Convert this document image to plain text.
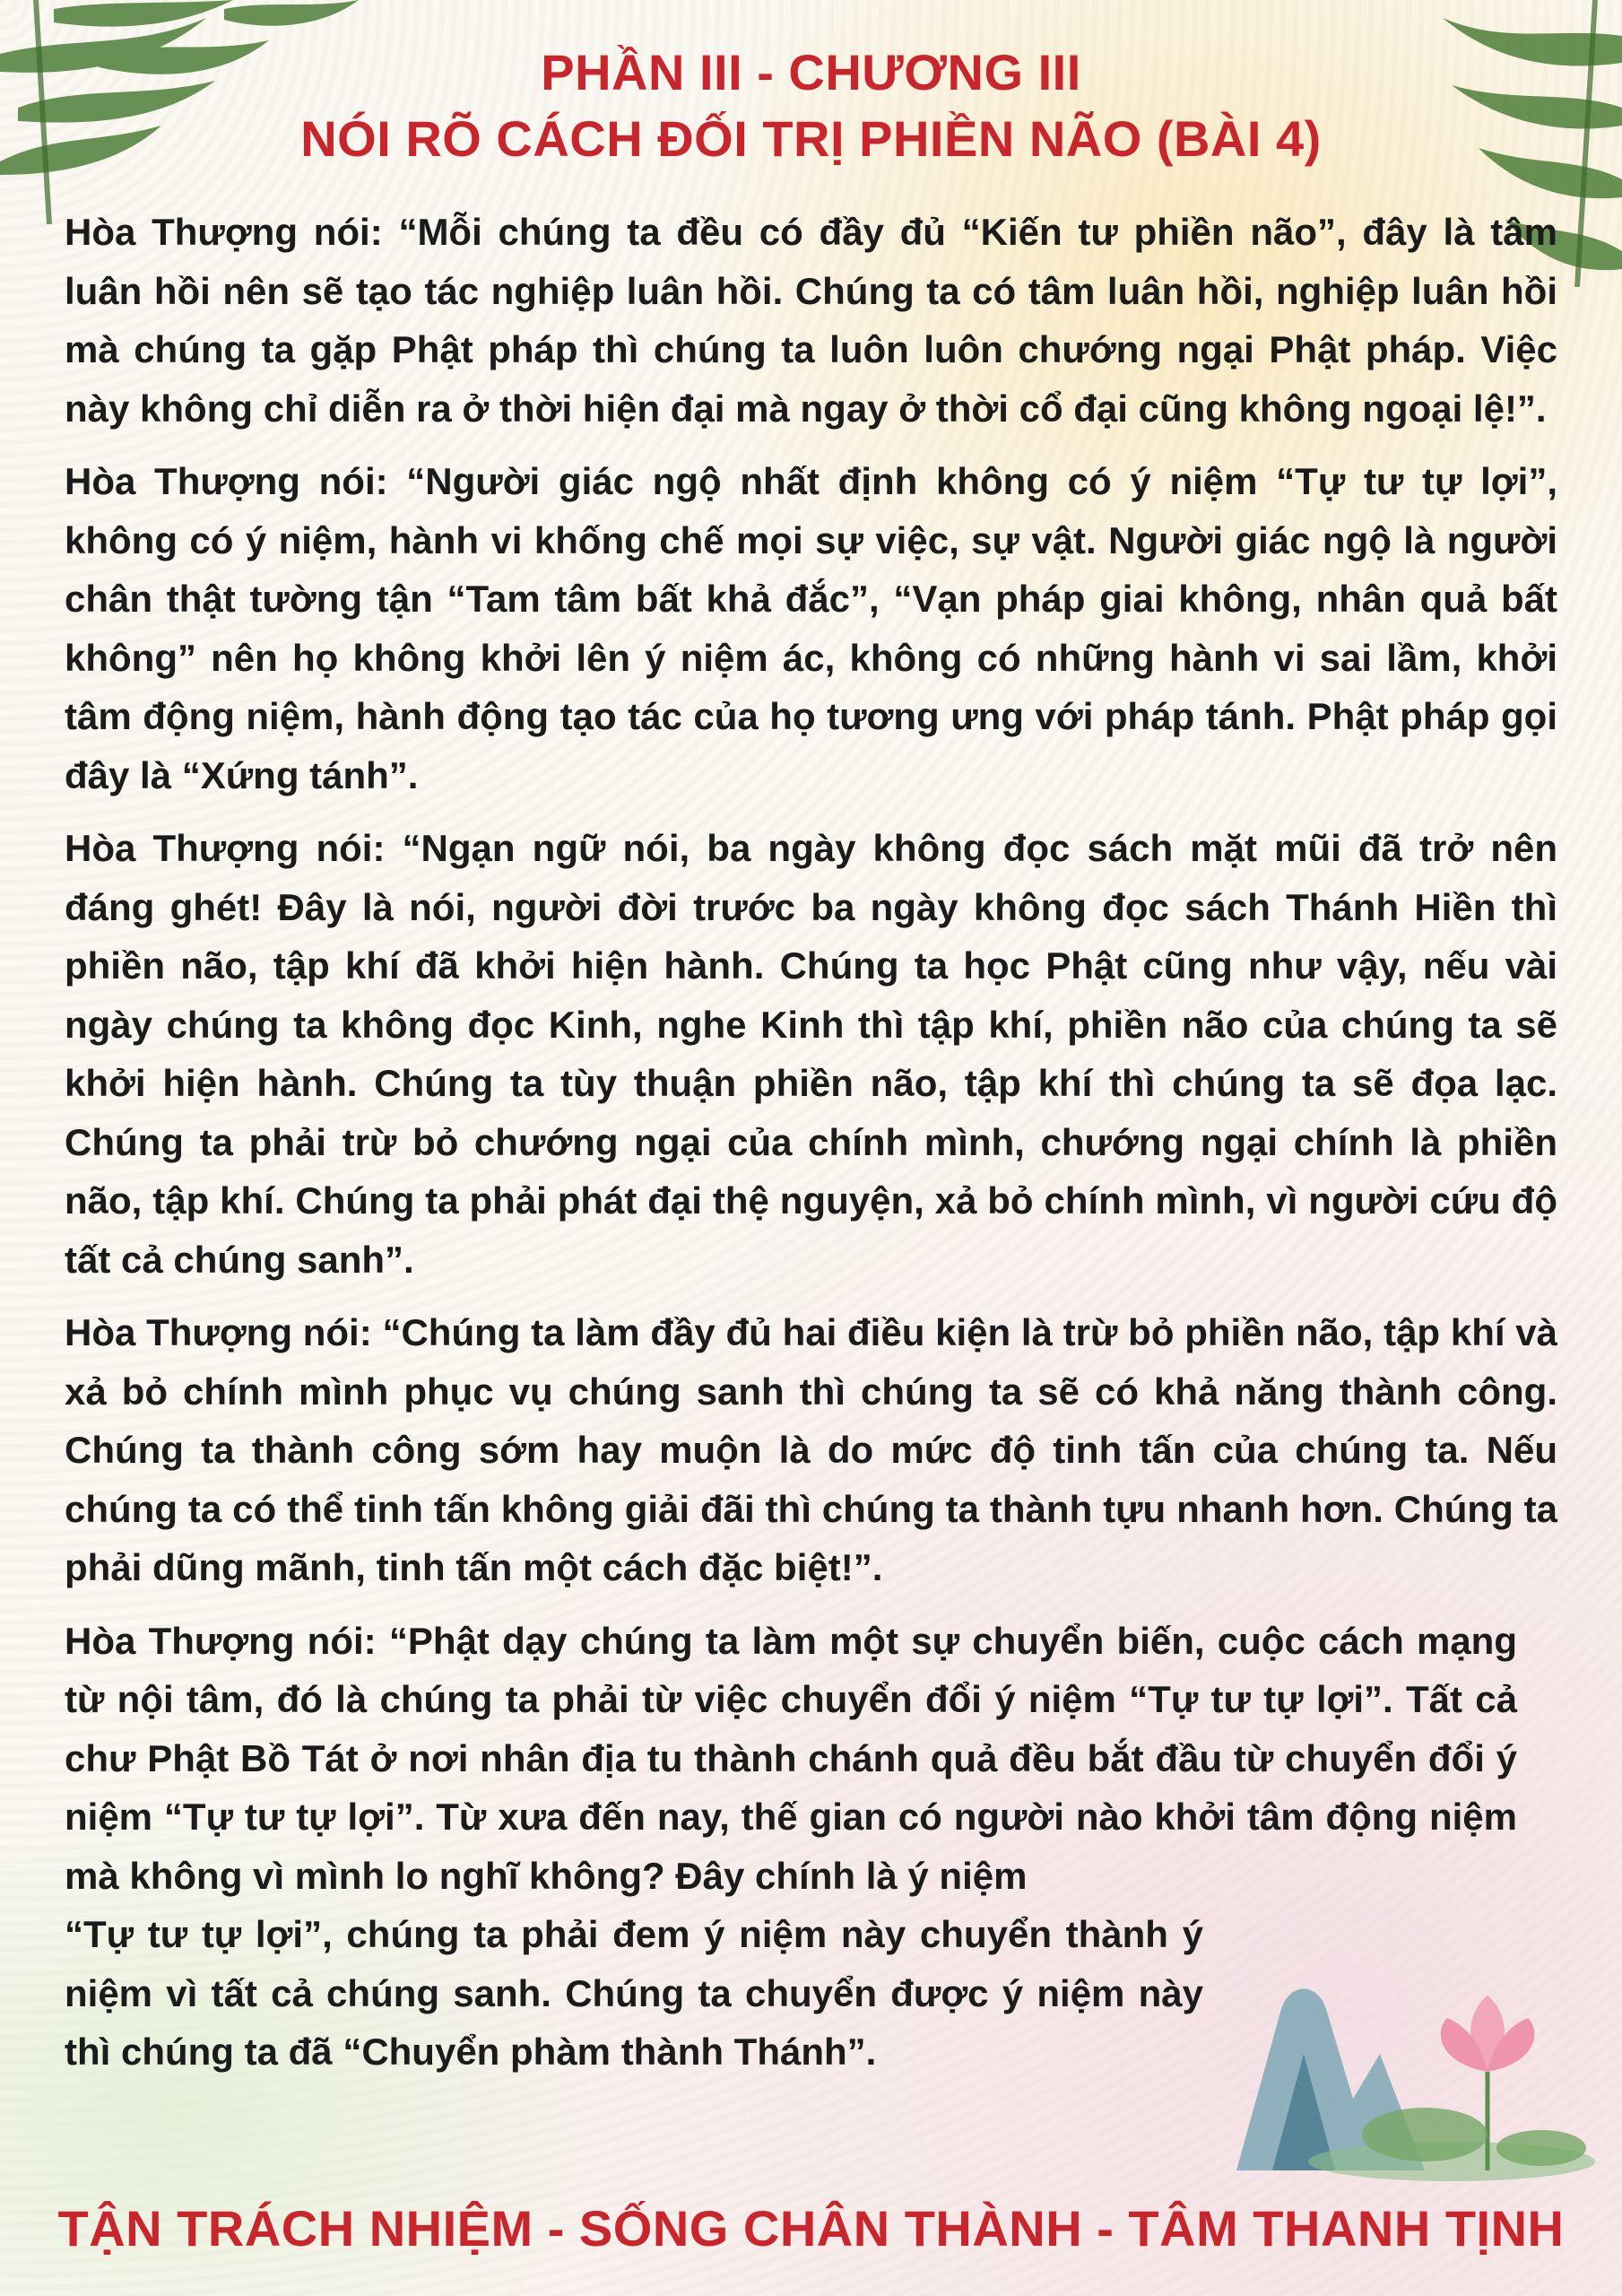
PHẦN III - CHƯƠNG III
NÓI RÕ CÁCH ĐỐI TRỊ PHIỀN NÃO (BÀI 4)

Hòa Thượng nói: “Mỗi chúng ta đều có đầy đủ “Kiến tư phiền não”, đây là tâm luân hồi nên sẽ tạo tác nghiệp luân hồi. Chúng ta có tâm luân hồi, nghiệp luân hồi mà chúng ta gặp Phật pháp thì chúng ta luôn luôn chướng ngại Phật pháp. Việc này không chỉ diễn ra ở thời hiện đại mà ngay ở thời cổ đại cũng không ngoại lệ!”.

Hòa Thượng nói: “Người giác ngộ nhất định không có ý niệm “Tự tư tự lợi”, không có ý niệm, hành vi khống chế mọi sự việc, sự vật. Người giác ngộ là người chân thật tường tận “Tam tâm bất khả đắc”, “Vạn pháp giai không, nhân quả bất không” nên họ không khởi lên ý niệm ác, không có những hành vi sai lầm, khởi tâm động niệm, hành động tạo tác của họ tương ưng với pháp tánh. Phật pháp gọi đây là “Xứng tánh”.

Hòa Thượng nói: “Ngạn ngữ nói, ba ngày không đọc sách mặt mũi đã trở nên đáng ghét! Đây là nói, người đời trước ba ngày không đọc sách Thánh Hiền thì phiền não, tập khí đã khởi hiện hành. Chúng ta học Phật cũng như vậy, nếu vài ngày chúng ta không đọc Kinh, nghe Kinh thì tập khí, phiền não của chúng ta sẽ khởi hiện hành. Chúng ta tùy thuận phiền não, tập khí thì chúng ta sẽ đọa lạc. Chúng ta phải trừ bỏ chướng ngại của chính mình, chướng ngại chính là phiền não, tập khí. Chúng ta phải phát đại thệ nguyện, xả bỏ chính mình, vì người cứu độ tất cả chúng sanh”.

Hòa Thượng nói: “Chúng ta làm đầy đủ hai điều kiện là trừ bỏ phiền não, tập khí và xả bỏ chính mình phục vụ chúng sanh thì chúng ta sẽ có khả năng thành công. Chúng ta thành công sớm hay muộn là do mức độ tinh tấn của chúng ta. Nếu chúng ta có thể tinh tấn không giải đãi thì chúng ta thành tựu nhanh hơn. Chúng ta phải dũng mãnh, tinh tấn một cách đặc biệt!”.

Hòa Thượng nói: “Phật dạy chúng ta làm một sự chuyển biến, cuộc cách mạng từ nội tâm, đó là chúng ta phải từ việc chuyển đổi ý niệm “Tự tư tự lợi”. Tất cả chư Phật Bồ Tát ở nơi nhân địa tu thành chánh quả đều bắt đầu từ chuyển đổi ý niệm “Tự tư tự lợi”. Từ xưa đến nay, thế gian có người nào khởi tâm động niệm mà không vì mình lo nghĩ không? Đây chính là ý niệm

“Tự tư tự lợi”, chúng ta phải đem ý niệm này chuyển thành ý niệm vì tất cả chúng sanh. Chúng ta chuyển được ý niệm này thì chúng ta đã “Chuyển phàm thành Thánh”.

TẬN TRÁCH NHIỆM - SỐNG CHÂN THÀNH - TÂM THANH TỊNH
